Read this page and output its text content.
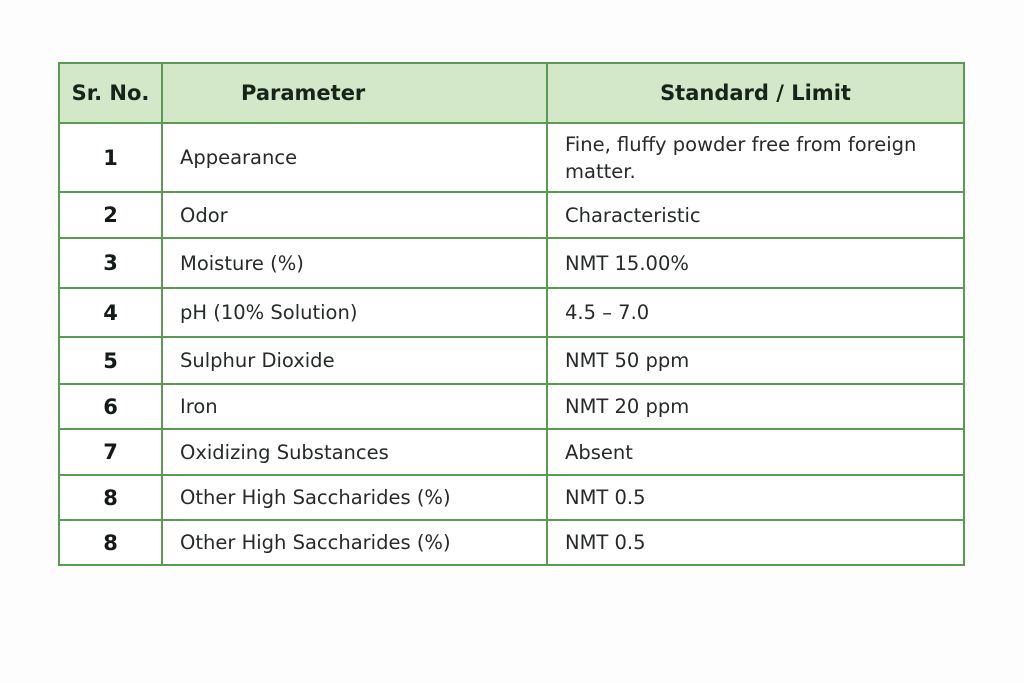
Sr. No.	Parameter	Standard / Limit
1	Appearance	Fine, fluffy powder free from foreign matter.
2	Odor	Characteristic
3	Moisture (%)	NMT 15.00%
4	pH (10% Solution)	4.5 – 7.0
5	Sulphur Dioxide	NMT 50 ppm
6	Iron	NMT 20 ppm
7	Oxidizing Substances	Absent
8	Other High Saccharides (%)	NMT 0.5
8	Other High Saccharides (%)	NMT 0.5
